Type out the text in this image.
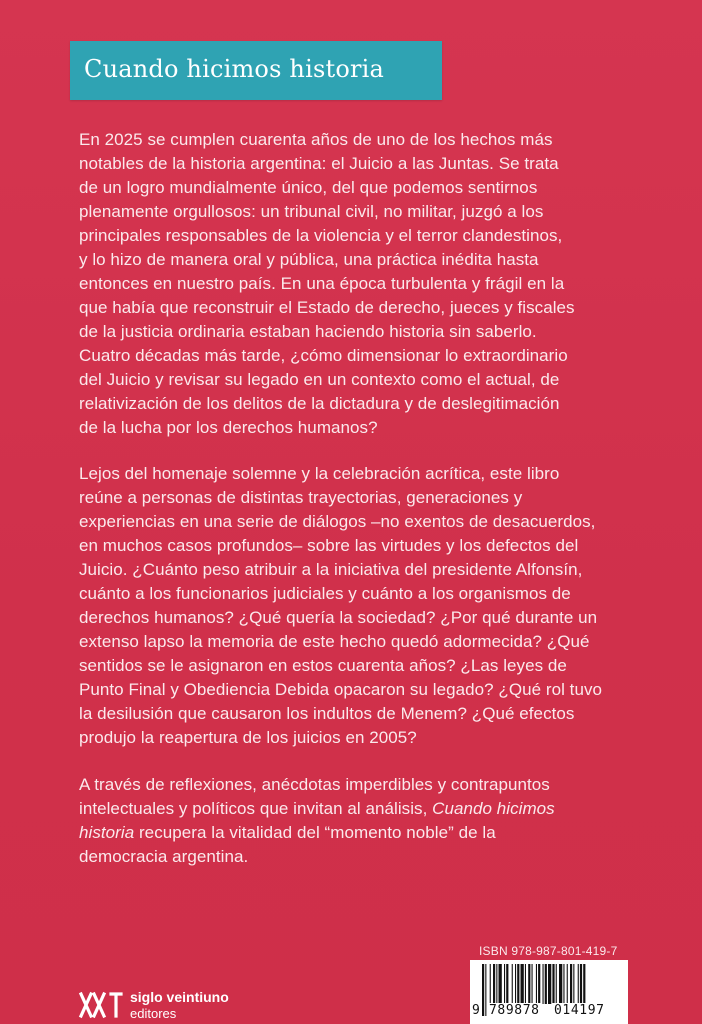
Cuando hicimos historia
En 2025 se cumplen cuarenta años de uno de los hechos más
notables de la historia argentina: el Juicio a las Juntas. Se trata
de un logro mundialmente único, del que podemos sentirnos
plenamente orgullosos: un tribunal civil, no militar, juzgó a los
principales responsables de la violencia y el terror clandestinos,
y lo hizo de manera oral y pública, una práctica inédita hasta
entonces en nuestro país. En una época turbulenta y frágil en la
que había que reconstruir el Estado de derecho, jueces y fiscales
de la justicia ordinaria estaban haciendo historia sin saberlo.
Cuatro décadas más tarde, ¿cómo dimensionar lo extraordinario
del Juicio y revisar su legado en un contexto como el actual, de
relativización de los delitos de la dictadura y de deslegitimación
de la lucha por los derechos humanos?
Lejos del homenaje solemne y la celebración acrítica, este libro
reúne a personas de distintas trayectorias, generaciones y
experiencias en una serie de diálogos –no exentos de desacuerdos,
en muchos casos profundos– sobre las virtudes y los defectos del
Juicio. ¿Cuánto peso atribuir a la iniciativa del presidente Alfonsín,
cuánto a los funcionarios judiciales y cuánto a los organismos de
derechos humanos? ¿Qué quería la sociedad? ¿Por qué durante un
extenso lapso la memoria de este hecho quedó adormecida? ¿Qué
sentidos se le asignaron en estos cuarenta años? ¿Las leyes de
Punto Final y Obediencia Debida opacaron su legado? ¿Qué rol tuvo
la desilusión que causaron los indultos de Menem? ¿Qué efectos
produjo la reapertura de los juicios en 2005?
A través de reflexiones, anécdotas imperdibles y contrapuntos
intelectuales y políticos que invitan al análisis, Cuando hicimos
historia recupera la vitalidad del “momento noble” de la
democracia argentina.
ISBN 978-987-801-419-7
9 789878 014197
siglo veintiuno
editores
